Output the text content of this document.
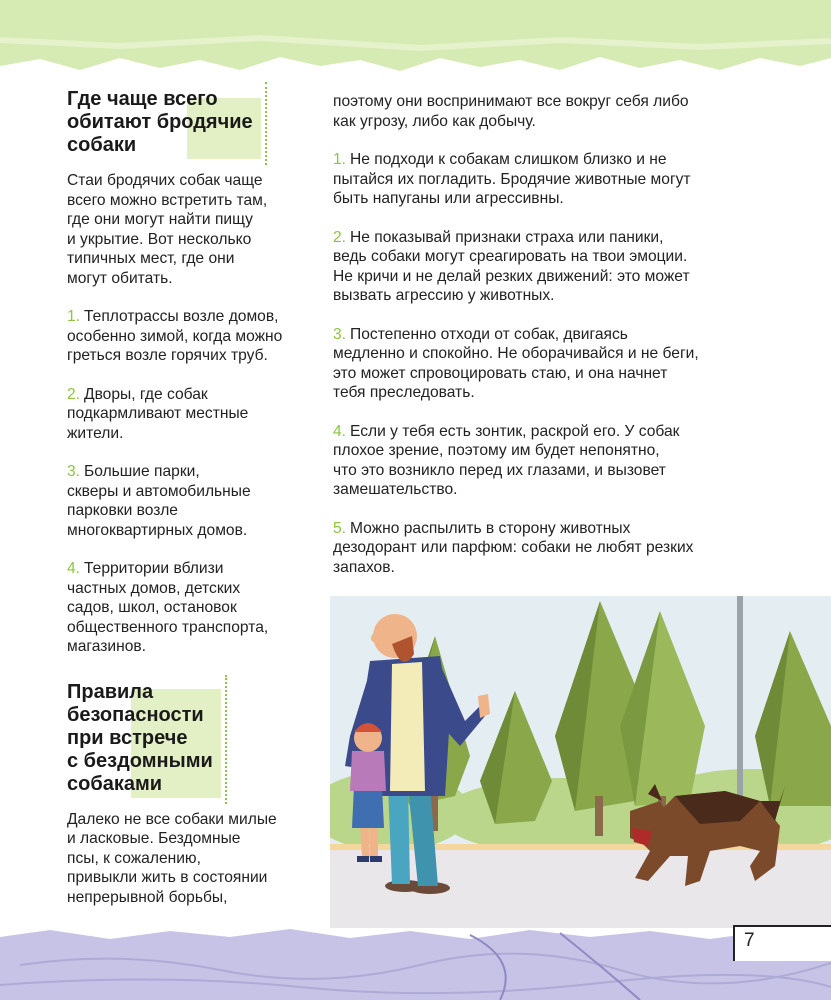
Где чаще всего
обитают бродячие
собаки

Стаи бродячих собак чаще
всего можно встретить там,
где они могут найти пищу
и укрытие. Вот несколько
типичных мест, где они
могут обитать.

1. Теплотрассы возле домов,
особенно зимой, когда можно
греться возле горячих труб.

2. Дворы, где собак
подкармливают местные
жители.

3. Большие парки,
скверы и автомобильные
парковки возле
многоквартирных домов.

4. Территории вблизи
частных домов, детских
садов, школ, остановок
общественного транспорта,
магазинов.

Правила
безопасности
при встрече
с бездомными
собаками

Далеко не все собаки милые
и ласковые. Бездомные
псы, к сожалению,
привыкли жить в состоянии
непрерывной борьбы,

поэтому они воспринимают все вокруг себя либо
как угрозу, либо как добычу.

1. Не подходи к собакам слишком близко и не
пытайся их погладить. Бродячие животные могут
быть напуганы или агрессивны.

2. Не показывай признаки страха или паники,
ведь собаки могут среагировать на твои эмоции.
Не кричи и не делай резких движений: это может
вызвать агрессию у животных.

3. Постепенно отходи от собак, двигаясь
медленно и спокойно. Не оборачивайся и не беги,
это может спровоцировать стаю, и она начнет
тебя преследовать.

4. Если у тебя есть зонтик, раскрой его. У собак
плохое зрение, поэтому им будет непонятно,
что это возникло перед их глазами, и вызовет
замешательство.

5. Можно распылить в сторону животных
дезодорант или парфюм: собаки не любят резких
запахов.

7
